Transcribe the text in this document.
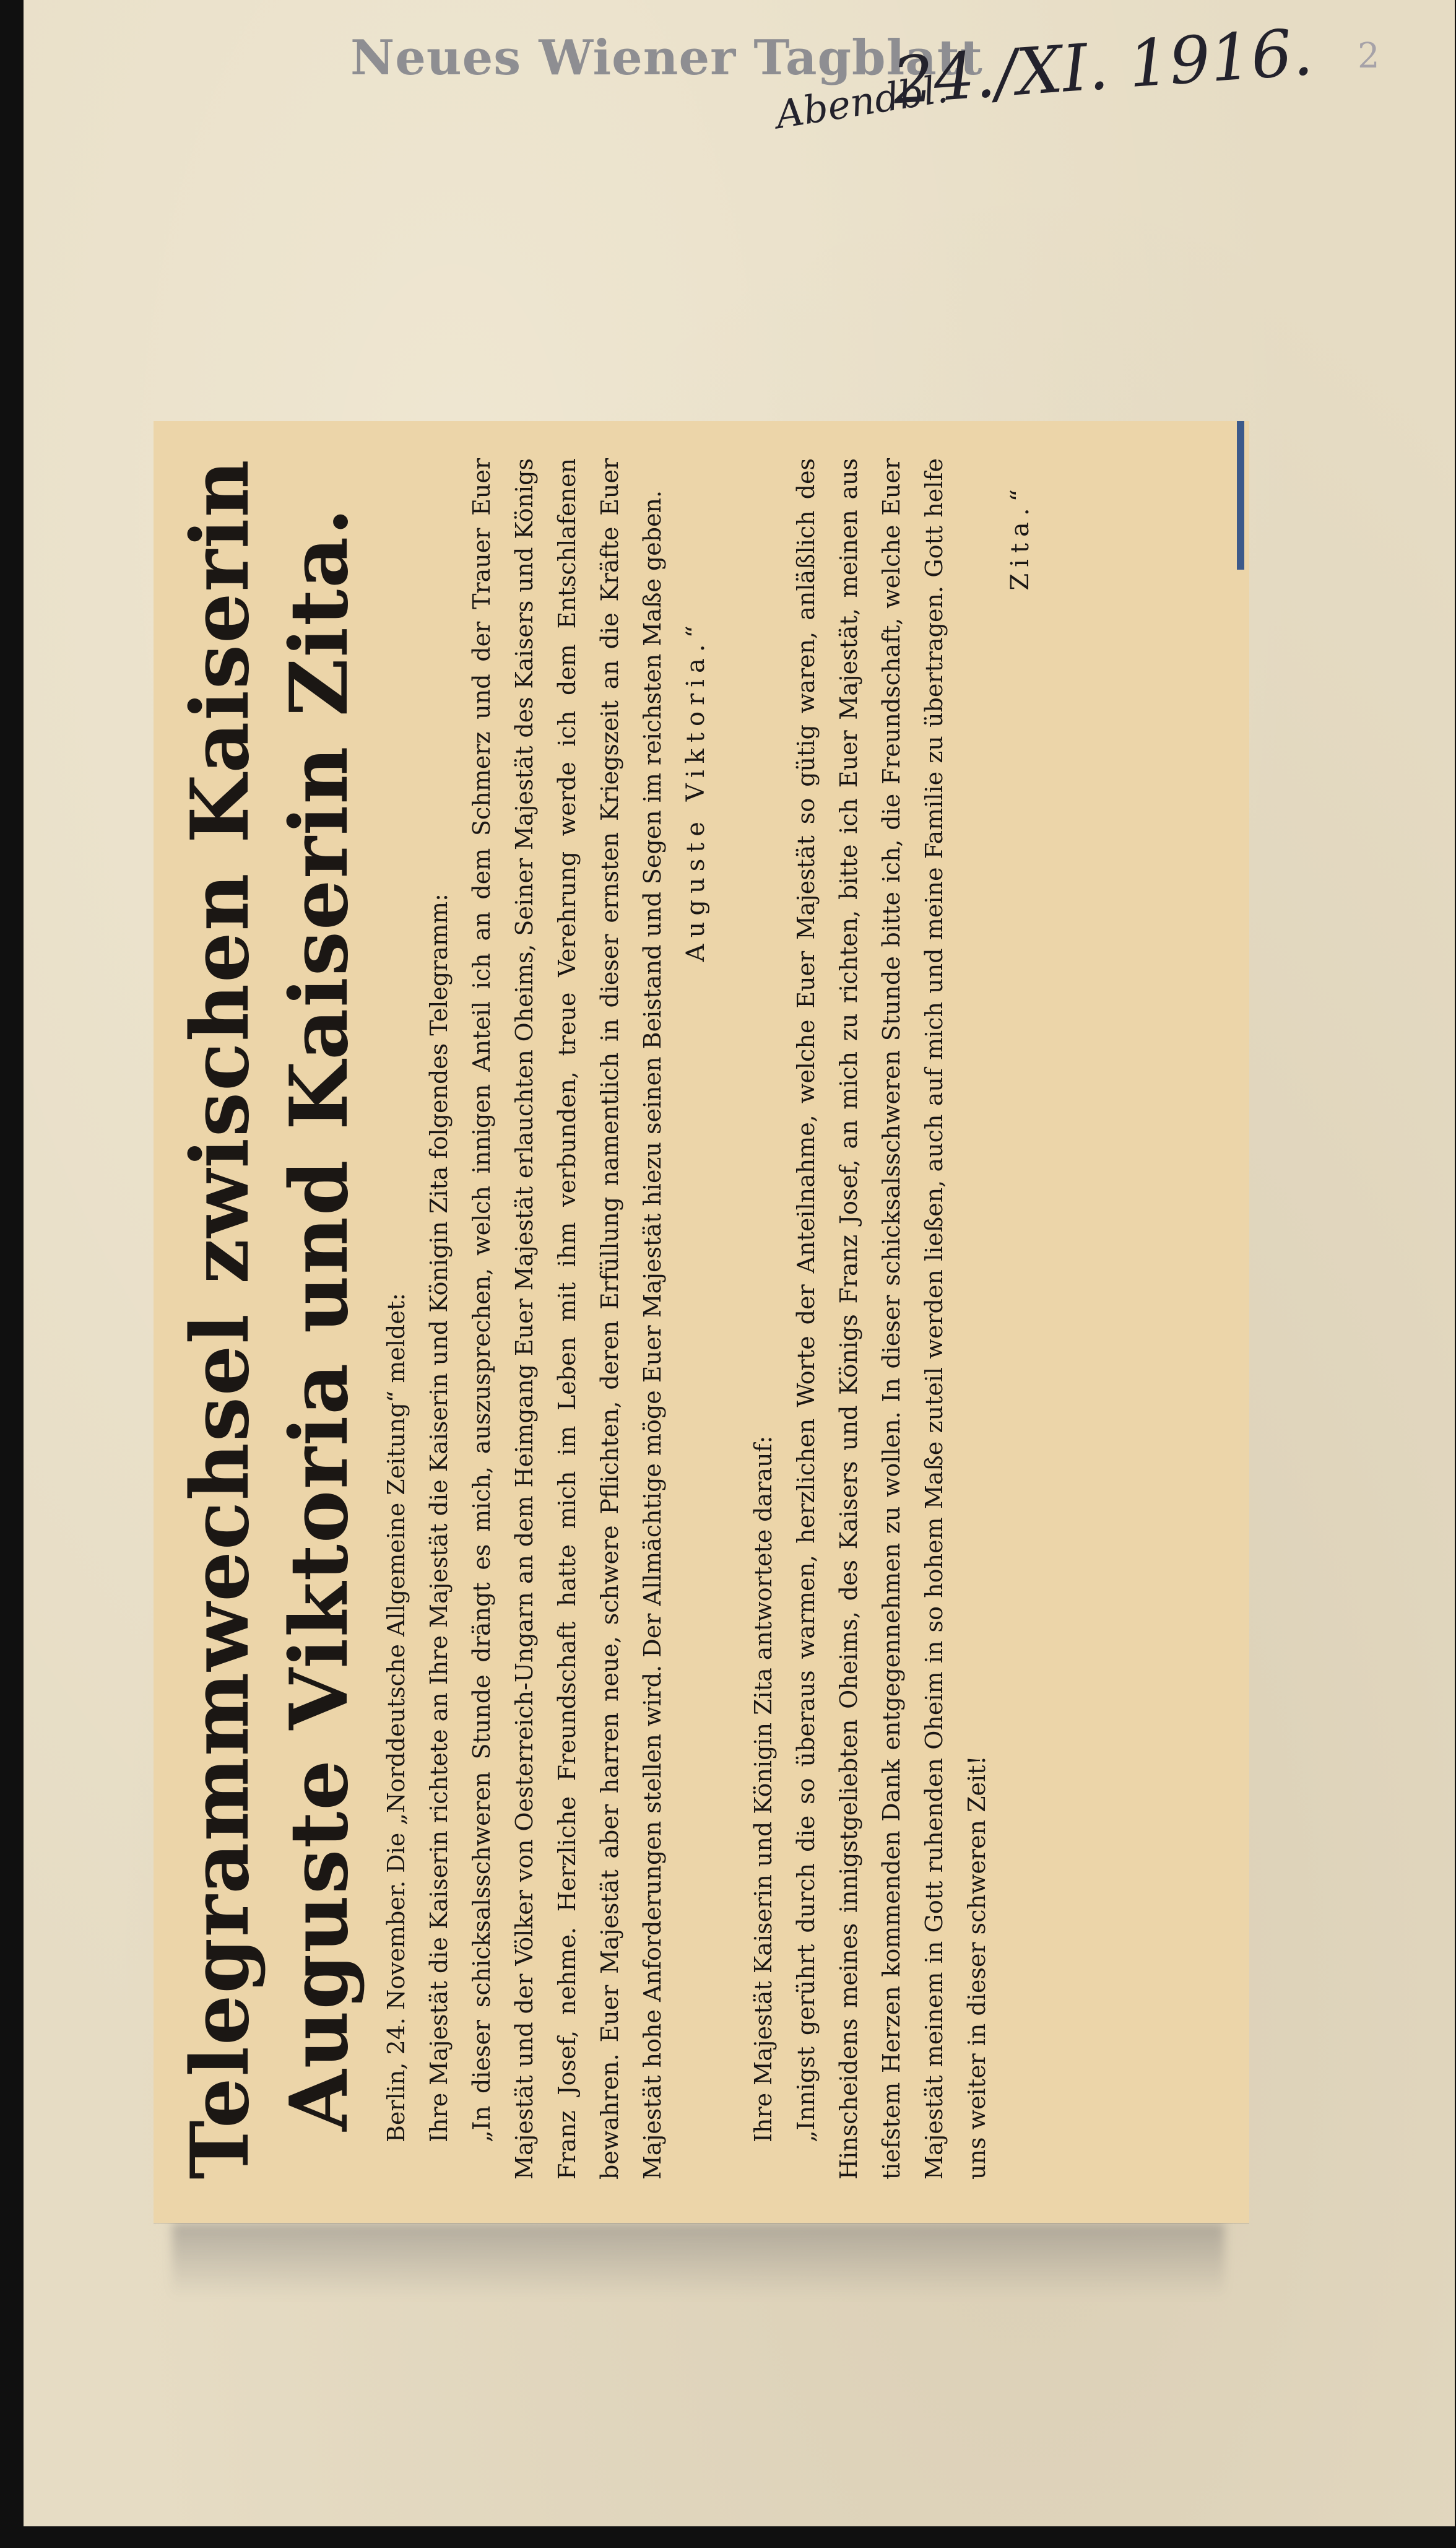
Neues Wiener Tagblatt
Abendbl.
24./XI. 1916. 2
Telegrammwechsel zwischen Kaiserin
Auguste Viktoria und Kaiserin Zita. Berlin, 24. November. Die „Norddeutsche Allgemeine Zeitung“ meldet: Ihre Majestät die Kaiserin richtete an Ihre Majestät die Kaiserin und Königin Zita folgendes Telegramm: „In dieser schicksalsschweren Stunde drängt es mich, auszusprechen, welch innigen Anteil ich an dem Schmerz und der Trauer Euer Majestät und der Völker von Oesterreich-Ungarn an dem Heimgang Euer Majestät erlauchten Oheims, Seiner Majestät des Kaisers und Königs Franz Josef, nehme. Herzliche Freundschaft hatte mich im Leben mit ihm verbunden, treue Verehrung werde ich dem Entschlafenen bewahren. Euer Majestät aber harren neue, schwere Pflichten, deren Erfüllung namentlich in dieser ernsten Kriegszeit an die Kräfte Euer Majestät hohe Anforderungen stellen wird. Der Allmächtige möge Euer Majestät hiezu seinen Beistand und Segen im reichsten Maße geben. Auguste Viktoria.“

Ihre Majestät Kaiserin und Königin Zita antwortete darauf: „Innigst gerührt durch die so überaus warmen, herzlichen Worte der Anteilnahme, welche Euer Majestät so gütig waren, anläßlich des Hinscheidens meines innigstgeliebten Oheims, des Kaisers und Königs Franz Josef, an mich zu richten, bitte ich Euer Majestät, meinen aus tiefstem Herzen kommenden Dank entgegennehmen zu wollen. In dieser schicksalsschweren Stunde bitte ich, die Freundschaft, welche Euer Majestät meinem in Gott ruhenden Oheim in so hohem Maße zuteil werden ließen, auch auf mich und meine Familie zu übertragen. Gott helfe uns weiter in dieser schweren Zeit!

Zita.“
